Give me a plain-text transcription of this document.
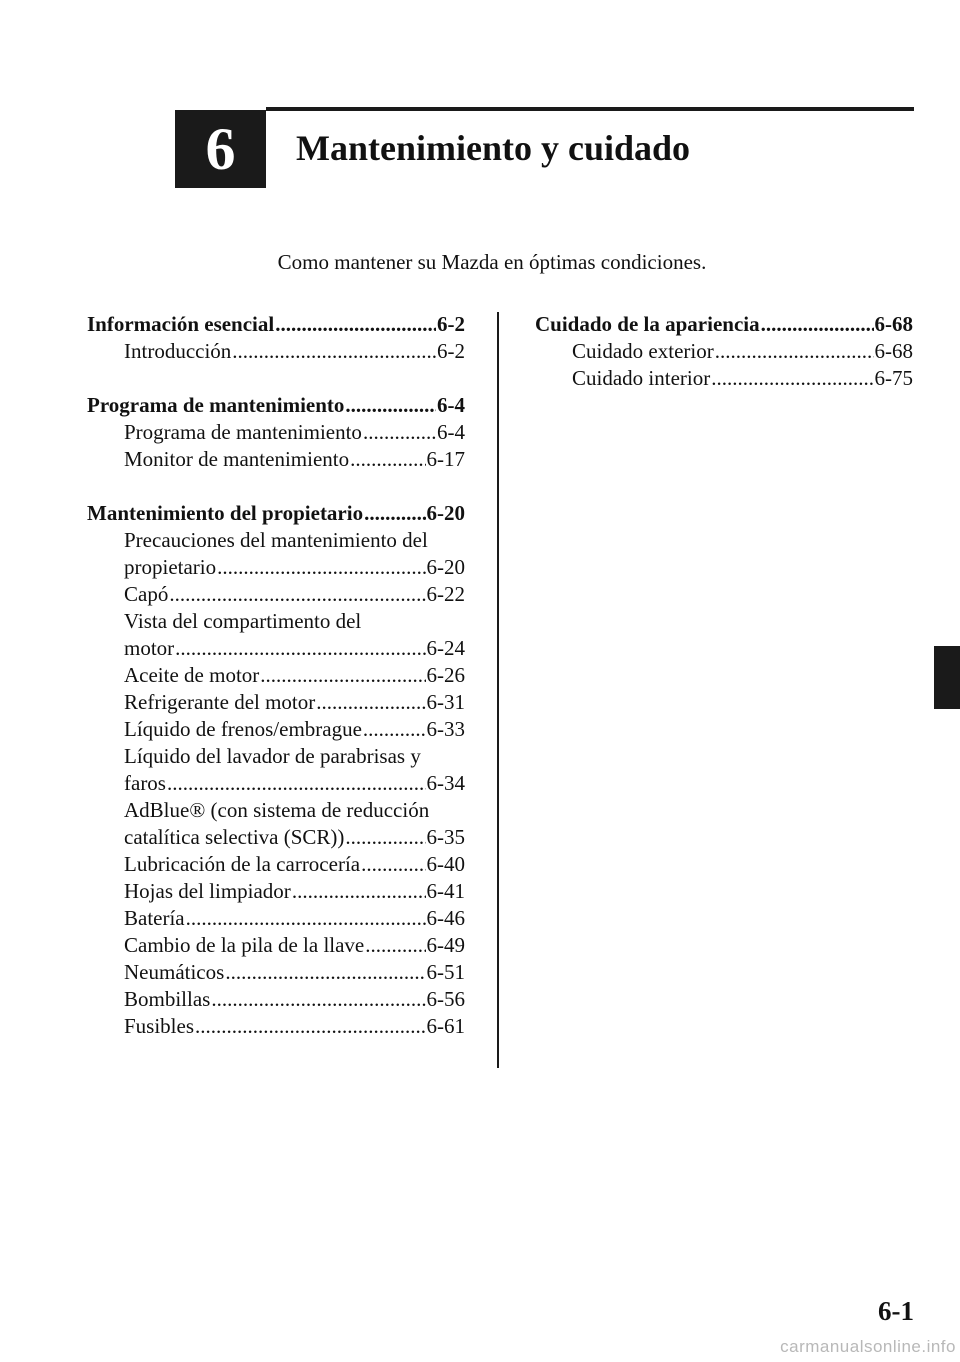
6	Mantenimiento y cuidado
Como mantener su Mazda en óptimas condiciones.
Información esencial .....	6-2
Introducción .....	6-2
Programa de mantenimiento .....	6-4
Programa de mantenimiento .....	6-4
Monitor de mantenimiento .....	6-17
Mantenimiento del propietario .....	6-20
Precauciones del mantenimiento del
propietario .....	6-20
Capó .....	6-22
Vista del compartimento del
motor .....	6-24
Aceite de motor .....	6-26
Refrigerante del motor .....	6-31
Líquido de frenos/embrague .....	6-33
Líquido del lavador de parabrisas y
faros .....	6-34
AdBlue® (con sistema de reducción
catalítica selectiva (SCR)) .....	6-35
Lubricación de la carrocería .....	6-40
Hojas del limpiador .....	6-41
Batería .....	6-46
Cambio de la pila de la llave .....	6-49
Neumáticos .....	6-51
Bombillas .....	6-56
Fusibles .....	6-61
Cuidado de la apariencia .....	6-68
Cuidado exterior .....	6-68
Cuidado interior .....	6-75
6-1
carmanualsonline.info
